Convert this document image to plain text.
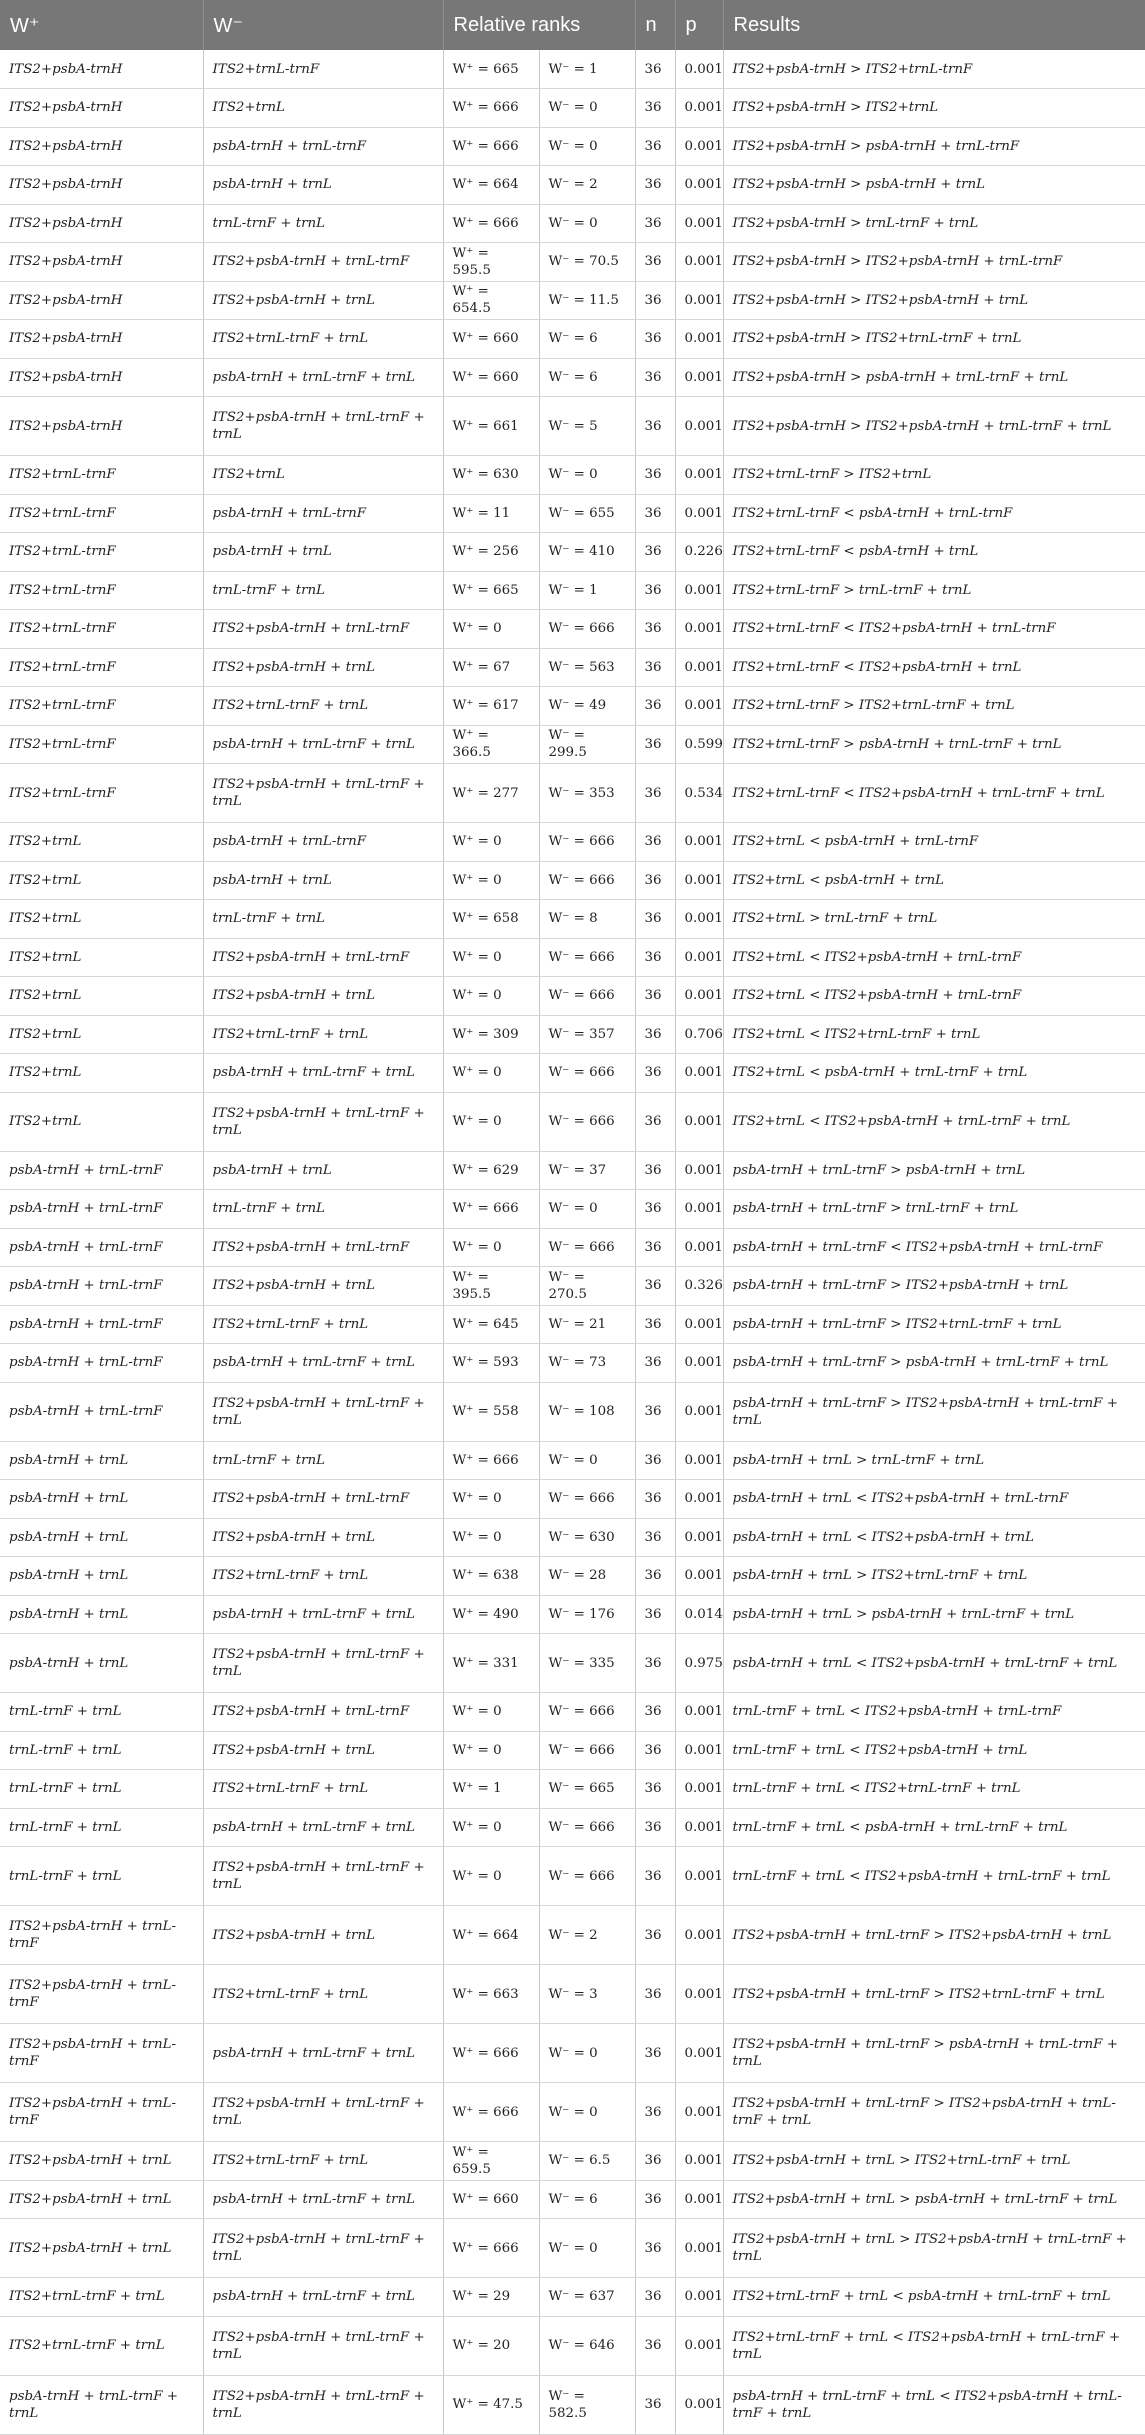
W⁺	W⁻	Relative ranks		n	p	Results
ITS2+psbA-trnH	ITS2+trnL-trnF	W⁺ = 665	W⁻ = 1	36	0.001	ITS2+psbA-trnH > ITS2+trnL-trnF
ITS2+psbA-trnH	ITS2+trnL	W⁺ = 666	W⁻ = 0	36	0.001	ITS2+psbA-trnH > ITS2+trnL
ITS2+psbA-trnH	psbA-trnH + trnL-trnF	W⁺ = 666	W⁻ = 0	36	0.001	ITS2+psbA-trnH > psbA-trnH + trnL-trnF
ITS2+psbA-trnH	psbA-trnH + trnL	W⁺ = 664	W⁻ = 2	36	0.001	ITS2+psbA-trnH > psbA-trnH + trnL
ITS2+psbA-trnH	trnL-trnF + trnL	W⁺ = 666	W⁻ = 0	36	0.001	ITS2+psbA-trnH > trnL-trnF + trnL
ITS2+psbA-trnH	ITS2+psbA-trnH + trnL-trnF	W⁺ = 595.5	W⁻ = 70.5	36	0.001	ITS2+psbA-trnH > ITS2+psbA-trnH + trnL-trnF
ITS2+psbA-trnH	ITS2+psbA-trnH + trnL	W⁺ = 654.5	W⁻ = 11.5	36	0.001	ITS2+psbA-trnH > ITS2+psbA-trnH + trnL
ITS2+psbA-trnH	ITS2+trnL-trnF + trnL	W⁺ = 660	W⁻ = 6	36	0.001	ITS2+psbA-trnH > ITS2+trnL-trnF + trnL
ITS2+psbA-trnH	psbA-trnH + trnL-trnF + trnL	W⁺ = 660	W⁻ = 6	36	0.001	ITS2+psbA-trnH > psbA-trnH + trnL-trnF + trnL
ITS2+psbA-trnH	ITS2+psbA-trnH + trnL-trnF + trnL	W⁺ = 661	W⁻ = 5	36	0.001	ITS2+psbA-trnH > ITS2+psbA-trnH + trnL-trnF + trnL
ITS2+trnL-trnF	ITS2+trnL	W⁺ = 630	W⁻ = 0	36	0.001	ITS2+trnL-trnF > ITS2+trnL
ITS2+trnL-trnF	psbA-trnH + trnL-trnF	W⁺ = 11	W⁻ = 655	36	0.001	ITS2+trnL-trnF < psbA-trnH + trnL-trnF
ITS2+trnL-trnF	psbA-trnH + trnL	W⁺ = 256	W⁻ = 410	36	0.226	ITS2+trnL-trnF < psbA-trnH + trnL
ITS2+trnL-trnF	trnL-trnF + trnL	W⁺ = 665	W⁻ = 1	36	0.001	ITS2+trnL-trnF > trnL-trnF + trnL
ITS2+trnL-trnF	ITS2+psbA-trnH + trnL-trnF	W⁺ = 0	W⁻ = 666	36	0.001	ITS2+trnL-trnF < ITS2+psbA-trnH + trnL-trnF
ITS2+trnL-trnF	ITS2+psbA-trnH + trnL	W⁺ = 67	W⁻ = 563	36	0.001	ITS2+trnL-trnF < ITS2+psbA-trnH + trnL
ITS2+trnL-trnF	ITS2+trnL-trnF + trnL	W⁺ = 617	W⁻ = 49	36	0.001	ITS2+trnL-trnF > ITS2+trnL-trnF + trnL
ITS2+trnL-trnF	psbA-trnH + trnL-trnF + trnL	W⁺ = 366.5	W⁻ = 299.5	36	0.599	ITS2+trnL-trnF > psbA-trnH + trnL-trnF + trnL
ITS2+trnL-trnF	ITS2+psbA-trnH + trnL-trnF + trnL	W⁺ = 277	W⁻ = 353	36	0.534	ITS2+trnL-trnF < ITS2+psbA-trnH + trnL-trnF + trnL
ITS2+trnL	psbA-trnH + trnL-trnF	W⁺ = 0	W⁻ = 666	36	0.001	ITS2+trnL < psbA-trnH + trnL-trnF
ITS2+trnL	psbA-trnH + trnL	W⁺ = 0	W⁻ = 666	36	0.001	ITS2+trnL < psbA-trnH + trnL
ITS2+trnL	trnL-trnF + trnL	W⁺ = 658	W⁻ = 8	36	0.001	ITS2+trnL > trnL-trnF + trnL
ITS2+trnL	ITS2+psbA-trnH + trnL-trnF	W⁺ = 0	W⁻ = 666	36	0.001	ITS2+trnL < ITS2+psbA-trnH + trnL-trnF
ITS2+trnL	ITS2+psbA-trnH + trnL	W⁺ = 0	W⁻ = 666	36	0.001	ITS2+trnL < ITS2+psbA-trnH + trnL-trnF
ITS2+trnL	ITS2+trnL-trnF + trnL	W⁺ = 309	W⁻ = 357	36	0.706	ITS2+trnL < ITS2+trnL-trnF + trnL
ITS2+trnL	psbA-trnH + trnL-trnF + trnL	W⁺ = 0	W⁻ = 666	36	0.001	ITS2+trnL < psbA-trnH + trnL-trnF + trnL
ITS2+trnL	ITS2+psbA-trnH + trnL-trnF + trnL	W⁺ = 0	W⁻ = 666	36	0.001	ITS2+trnL < ITS2+psbA-trnH + trnL-trnF + trnL
psbA-trnH + trnL-trnF	psbA-trnH + trnL	W⁺ = 629	W⁻ = 37	36	0.001	psbA-trnH + trnL-trnF > psbA-trnH + trnL
psbA-trnH + trnL-trnF	trnL-trnF + trnL	W⁺ = 666	W⁻ = 0	36	0.001	psbA-trnH + trnL-trnF > trnL-trnF + trnL
psbA-trnH + trnL-trnF	ITS2+psbA-trnH + trnL-trnF	W⁺ = 0	W⁻ = 666	36	0.001	psbA-trnH + trnL-trnF < ITS2+psbA-trnH + trnL-trnF
psbA-trnH + trnL-trnF	ITS2+psbA-trnH + trnL	W⁺ = 395.5	W⁻ = 270.5	36	0.326	psbA-trnH + trnL-trnF > ITS2+psbA-trnH + trnL
psbA-trnH + trnL-trnF	ITS2+trnL-trnF + trnL	W⁺ = 645	W⁻ = 21	36	0.001	psbA-trnH + trnL-trnF > ITS2+trnL-trnF + trnL
psbA-trnH + trnL-trnF	psbA-trnH + trnL-trnF + trnL	W⁺ = 593	W⁻ = 73	36	0.001	psbA-trnH + trnL-trnF > psbA-trnH + trnL-trnF + trnL
psbA-trnH + trnL-trnF	ITS2+psbA-trnH + trnL-trnF + trnL	W⁺ = 558	W⁻ = 108	36	0.001	psbA-trnH + trnL-trnF > ITS2+psbA-trnH + trnL-trnF + trnL
psbA-trnH + trnL	trnL-trnF + trnL	W⁺ = 666	W⁻ = 0	36	0.001	psbA-trnH + trnL > trnL-trnF + trnL
psbA-trnH + trnL	ITS2+psbA-trnH + trnL-trnF	W⁺ = 0	W⁻ = 666	36	0.001	psbA-trnH + trnL < ITS2+psbA-trnH + trnL-trnF
psbA-trnH + trnL	ITS2+psbA-trnH + trnL	W⁺ = 0	W⁻ = 630	36	0.001	psbA-trnH + trnL < ITS2+psbA-trnH + trnL
psbA-trnH + trnL	ITS2+trnL-trnF + trnL	W⁺ = 638	W⁻ = 28	36	0.001	psbA-trnH + trnL > ITS2+trnL-trnF + trnL
psbA-trnH + trnL	psbA-trnH + trnL-trnF + trnL	W⁺ = 490	W⁻ = 176	36	0.014	psbA-trnH + trnL > psbA-trnH + trnL-trnF + trnL
psbA-trnH + trnL	ITS2+psbA-trnH + trnL-trnF + trnL	W⁺ = 331	W⁻ = 335	36	0.975	psbA-trnH + trnL < ITS2+psbA-trnH + trnL-trnF + trnL
trnL-trnF + trnL	ITS2+psbA-trnH + trnL-trnF	W⁺ = 0	W⁻ = 666	36	0.001	trnL-trnF + trnL < ITS2+psbA-trnH + trnL-trnF
trnL-trnF + trnL	ITS2+psbA-trnH + trnL	W⁺ = 0	W⁻ = 666	36	0.001	trnL-trnF + trnL < ITS2+psbA-trnH + trnL
trnL-trnF + trnL	ITS2+trnL-trnF + trnL	W⁺ = 1	W⁻ = 665	36	0.001	trnL-trnF + trnL < ITS2+trnL-trnF + trnL
trnL-trnF + trnL	psbA-trnH + trnL-trnF + trnL	W⁺ = 0	W⁻ = 666	36	0.001	trnL-trnF + trnL < psbA-trnH + trnL-trnF + trnL
trnL-trnF + trnL	ITS2+psbA-trnH + trnL-trnF + trnL	W⁺ = 0	W⁻ = 666	36	0.001	trnL-trnF + trnL < ITS2+psbA-trnH + trnL-trnF + trnL
ITS2+psbA-trnH + trnL-trnF	ITS2+psbA-trnH + trnL	W⁺ = 664	W⁻ = 2	36	0.001	ITS2+psbA-trnH + trnL-trnF > ITS2+psbA-trnH + trnL
ITS2+psbA-trnH + trnL-trnF	ITS2+trnL-trnF + trnL	W⁺ = 663	W⁻ = 3	36	0.001	ITS2+psbA-trnH + trnL-trnF > ITS2+trnL-trnF + trnL
ITS2+psbA-trnH + trnL-trnF	psbA-trnH + trnL-trnF + trnL	W⁺ = 666	W⁻ = 0	36	0.001	ITS2+psbA-trnH + trnL-trnF > psbA-trnH + trnL-trnF + trnL
ITS2+psbA-trnH + trnL-trnF	ITS2+psbA-trnH + trnL-trnF + trnL	W⁺ = 666	W⁻ = 0	36	0.001	ITS2+psbA-trnH + trnL-trnF > ITS2+psbA-trnH + trnL-trnF + trnL
ITS2+psbA-trnH + trnL	ITS2+trnL-trnF + trnL	W⁺ = 659.5	W⁻ = 6.5	36	0.001	ITS2+psbA-trnH + trnL > ITS2+trnL-trnF + trnL
ITS2+psbA-trnH + trnL	psbA-trnH + trnL-trnF + trnL	W⁺ = 660	W⁻ = 6	36	0.001	ITS2+psbA-trnH + trnL > psbA-trnH + trnL-trnF + trnL
ITS2+psbA-trnH + trnL	ITS2+psbA-trnH + trnL-trnF + trnL	W⁺ = 666	W⁻ = 0	36	0.001	ITS2+psbA-trnH + trnL > ITS2+psbA-trnH + trnL-trnF + trnL
ITS2+trnL-trnF + trnL	psbA-trnH + trnL-trnF + trnL	W⁺ = 29	W⁻ = 637	36	0.001	ITS2+trnL-trnF + trnL < psbA-trnH + trnL-trnF + trnL
ITS2+trnL-trnF + trnL	ITS2+psbA-trnH + trnL-trnF + trnL	W⁺ = 20	W⁻ = 646	36	0.001	ITS2+trnL-trnF + trnL < ITS2+psbA-trnH + trnL-trnF + trnL
psbA-trnH + trnL-trnF + trnL	ITS2+psbA-trnH + trnL-trnF + trnL	W⁺ = 47.5	W⁻ = 582.5	36	0.001	psbA-trnH + trnL-trnF + trnL < ITS2+psbA-trnH + trnL-trnF + trnL
